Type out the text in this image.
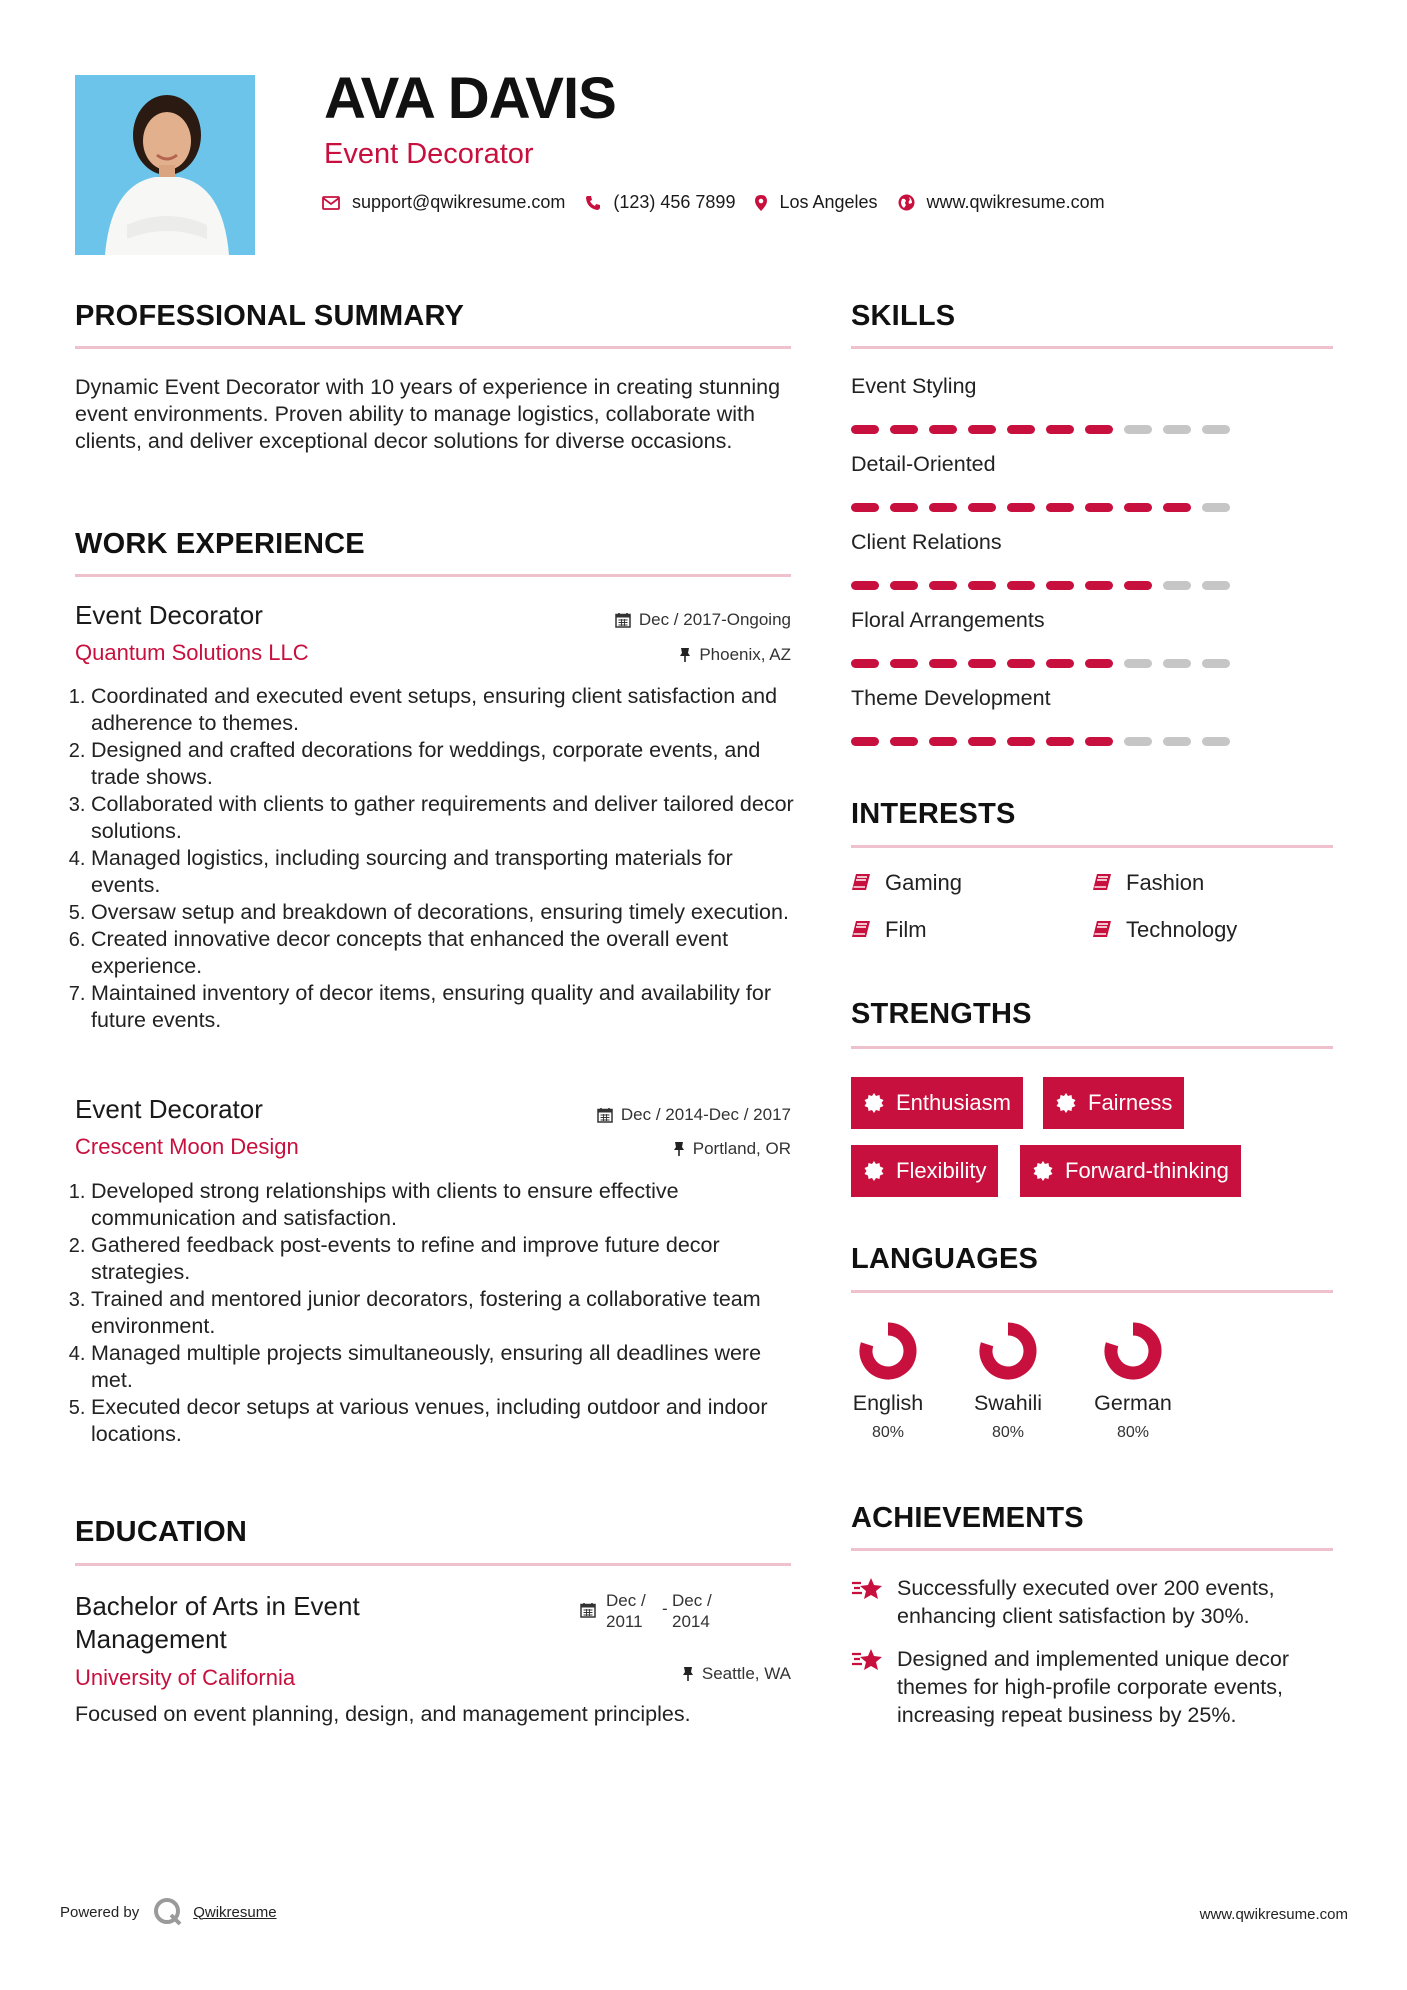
AVA DAVIS
Event Decorator
support@qwikresume.com	(123) 456 7899 Los Angeles	www.qwikresume.com
PROFESSIONAL SUMMARY
Dynamic Event Decorator with 10 years of experience in creating stunning event environments. Proven ability to manage logistics, collaborate with clients, and deliver exceptional decor solutions for diverse occasions.
WORK EXPERIENCE
Event Decorator	Dec / 2017-Ongoing
Quantum Solutions LLC	Phoenix, AZ
1. Coordinated and executed event setups, ensuring client satisfaction and adherence to themes.
2. Designed and crafted decorations for weddings, corporate events, and trade shows.
3. Collaborated with clients to gather requirements and deliver tailored decor solutions.
4. Managed logistics, including sourcing and transporting materials for events.
5. Oversaw setup and breakdown of decorations, ensuring timely execution.
6. Created innovative decor concepts that enhanced the overall event experience.
7. Maintained inventory of decor items, ensuring quality and availability for future events.
Event Decorator	Dec / 2014-Dec / 2017
Crescent Moon Design	Portland, OR
1. Developed strong relationships with clients to ensure effective communication and satisfaction.
2. Gathered feedback post-events to refine and improve future decor strategies.
3. Trained and mentored junior decorators, fostering a collaborative team environment.
4. Managed multiple projects simultaneously, ensuring all deadlines were met.
5. Executed decor setups at various venues, including outdoor and indoor locations.
EDUCATION
Bachelor of Arts in Event Management
Dec / 2011
- Dec / 2014
University of California	Seattle, WA
Focused on event planning, design, and management principles.
SKILLS
Event Styling
Detail-Oriented
Client Relations
Floral Arrangements
Theme Development
INTERESTS
Gaming	Fashion
Film	Technology
STRENGTHS
Enthusiasm	Fairness
Flexibility	Forward-thinking
LANGUAGES
English
80%
Swahili
80%
German
80%
ACHIEVEMENTS
Successfully executed over 200 events, enhancing client satisfaction by 30%.
Designed and implemented unique decor themes for high-profile corporate events, increasing repeat business by 25%.
Powered by	Qwikresume	www.qwikresume.com
